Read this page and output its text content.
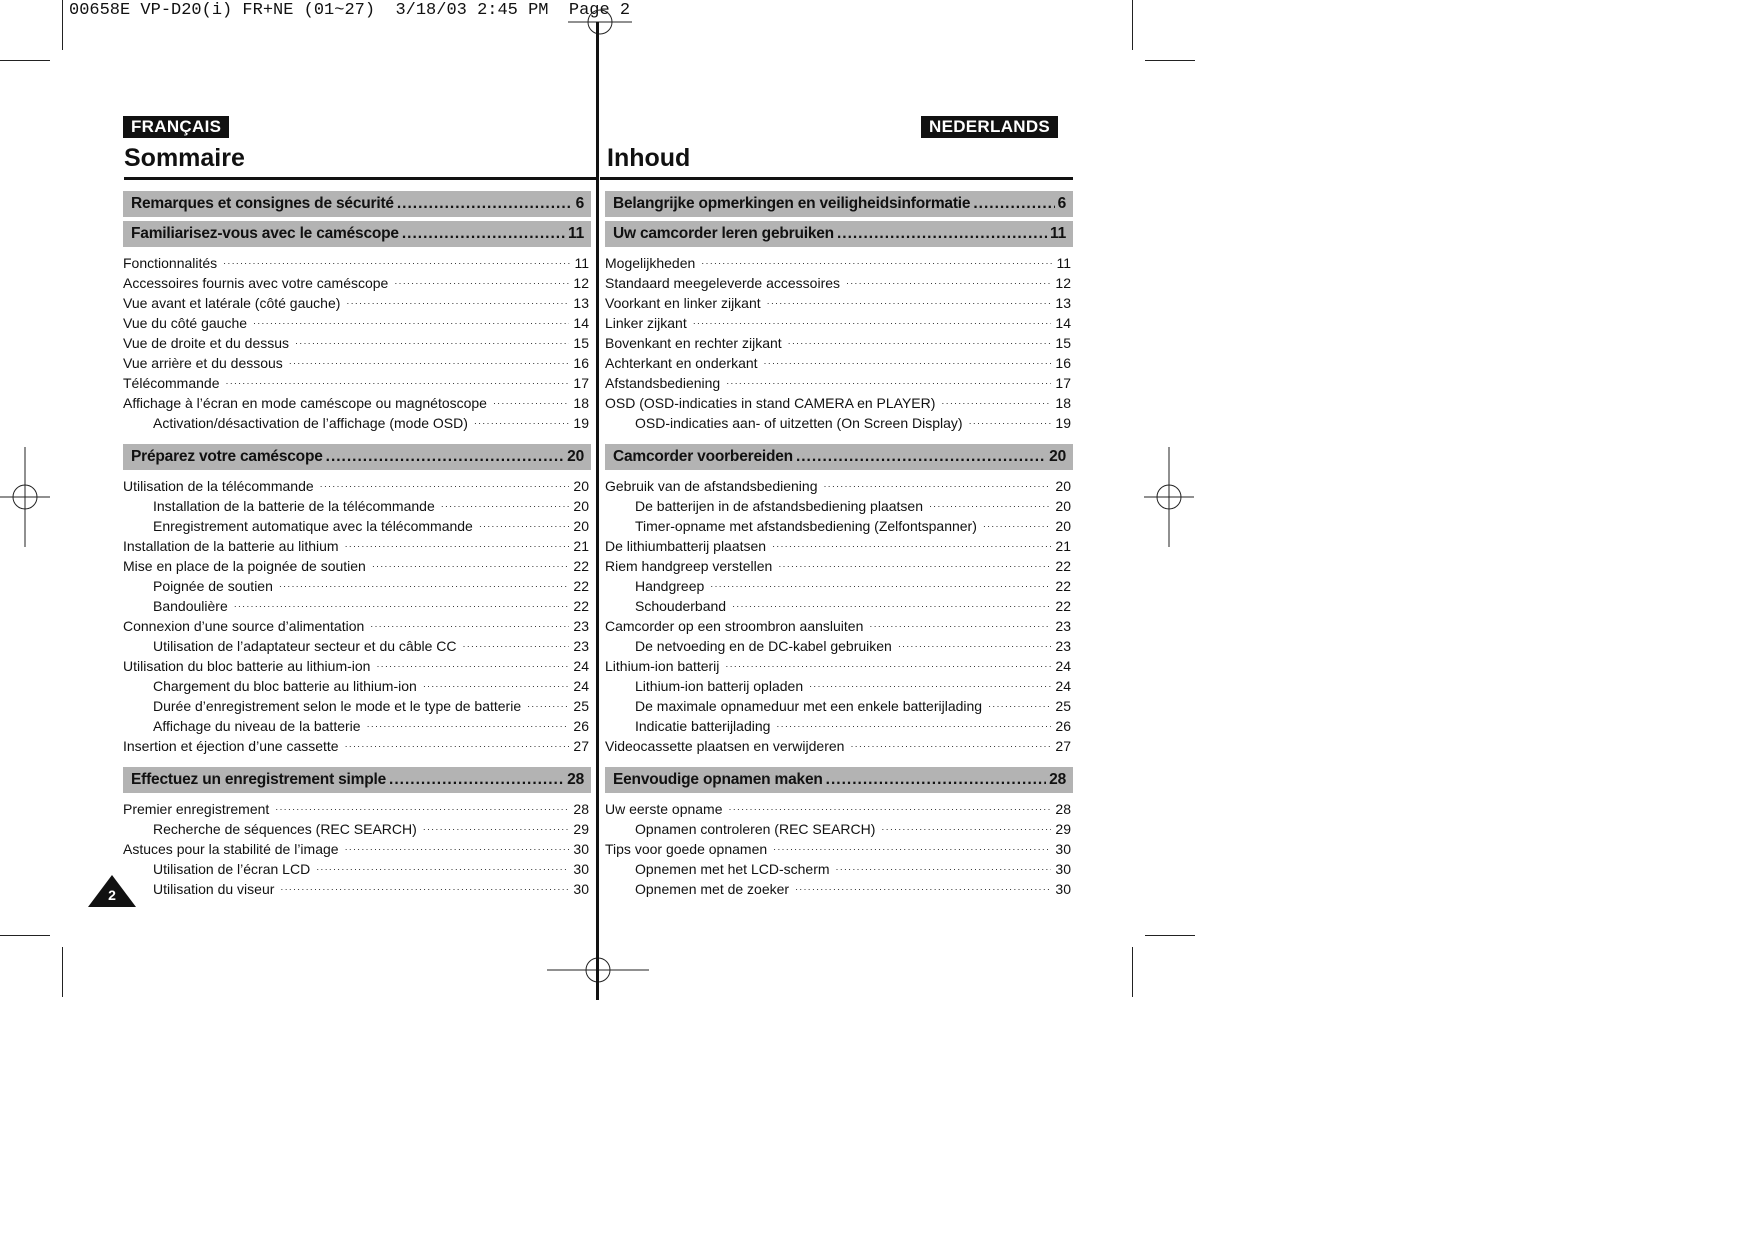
00658E VP-D20(i) FR+NE (01~27)  3/18/03 2:45 PM  Page 2
FRANÇAIS
Sommaire
Remarques et consignes de sécurité .....	6
Familiarisez-vous avec le caméscope .....	11
Fonctionnalités ·····	11
Accessoires fournis avec votre caméscope ·····	12
Vue avant et latérale (côté gauche) ·····	13
Vue du côté gauche ·····	14
Vue de droite et du dessus ·····	15
Vue arrière et du dessous ·····	16
Télécommande ·····	17
Affichage à l’écran en mode caméscope ou magnétoscope ·····	18
Activation/désactivation de l’affichage (mode OSD) ·····	19
Préparez votre caméscope .....	20
Utilisation de la télécommande ·····	20
Installation de la batterie de la télécommande ·····	20
Enregistrement automatique avec la télécommande ·····	20
Installation de la batterie au lithium ·····	21
Mise en place de la poignée de soutien ·····	22
Poignée de soutien ·····	22
Bandoulière ·····	22
Connexion d’une source d’alimentation ·····	23
Utilisation de l’adaptateur secteur et du câble CC ·····	23
Utilisation du bloc batterie au lithium-ion ·····	24
Chargement du bloc batterie au lithium-ion ·····	24
Durée d’enregistrement selon le mode et le type de batterie ·····	25
Affichage du niveau de la batterie ·····	26
Insertion et éjection d’une cassette ·····	27
Effectuez un enregistrement simple .....	28
Premier enregistrement ·····	28
Recherche de séquences (REC SEARCH) ·····	29
Astuces pour la stabilité de l’image ·····	30
Utilisation de l’écran LCD ·····	30
Utilisation du viseur ·····	30
NEDERLANDS
Inhoud
Belangrijke opmerkingen en veiligheidsinformatie .....	6
Uw camcorder leren gebruiken .....	11
Mogelijkheden ·····	11
Standaard meegeleverde accessoires ·····	12
Voorkant en linker zijkant ·····	13
Linker zijkant ·····	14
Bovenkant en rechter zijkant ·····	15
Achterkant en onderkant ·····	16
Afstandsbediening ·····	17
OSD (OSD-indicaties in stand CAMERA en PLAYER) ·····	18
OSD-indicaties aan- of uitzetten (On Screen Display) ·····	19
Camcorder voorbereiden .....	20
Gebruik van de afstandsbediening ·····	20
De batterijen in de afstandsbediening plaatsen ·····	20
Timer-opname met afstandsbediening (Zelfontspanner) ·····	20
De lithiumbatterij plaatsen ·····	21
Riem handgreep verstellen ·····	22
Handgreep ·····	22
Schouderband ·····	22
Camcorder op een stroombron aansluiten ·····	23
De netvoeding en de DC-kabel gebruiken ·····	23
Lithium-ion batterij ·····	24
Lithium-ion batterij opladen ·····	24
De maximale opnameduur met een enkele batterijlading ·····	25
Indicatie batterijlading ·····	26
Videocassette plaatsen en verwijderen ·····	27
Eenvoudige opnamen maken .....	28
Uw eerste opname ·····	28
Opnamen controleren (REC SEARCH) ·····	29
Tips voor goede opnamen ·····	30
Opnemen met het LCD-scherm ·····	30
Opnemen met de zoeker ·····	30
2
